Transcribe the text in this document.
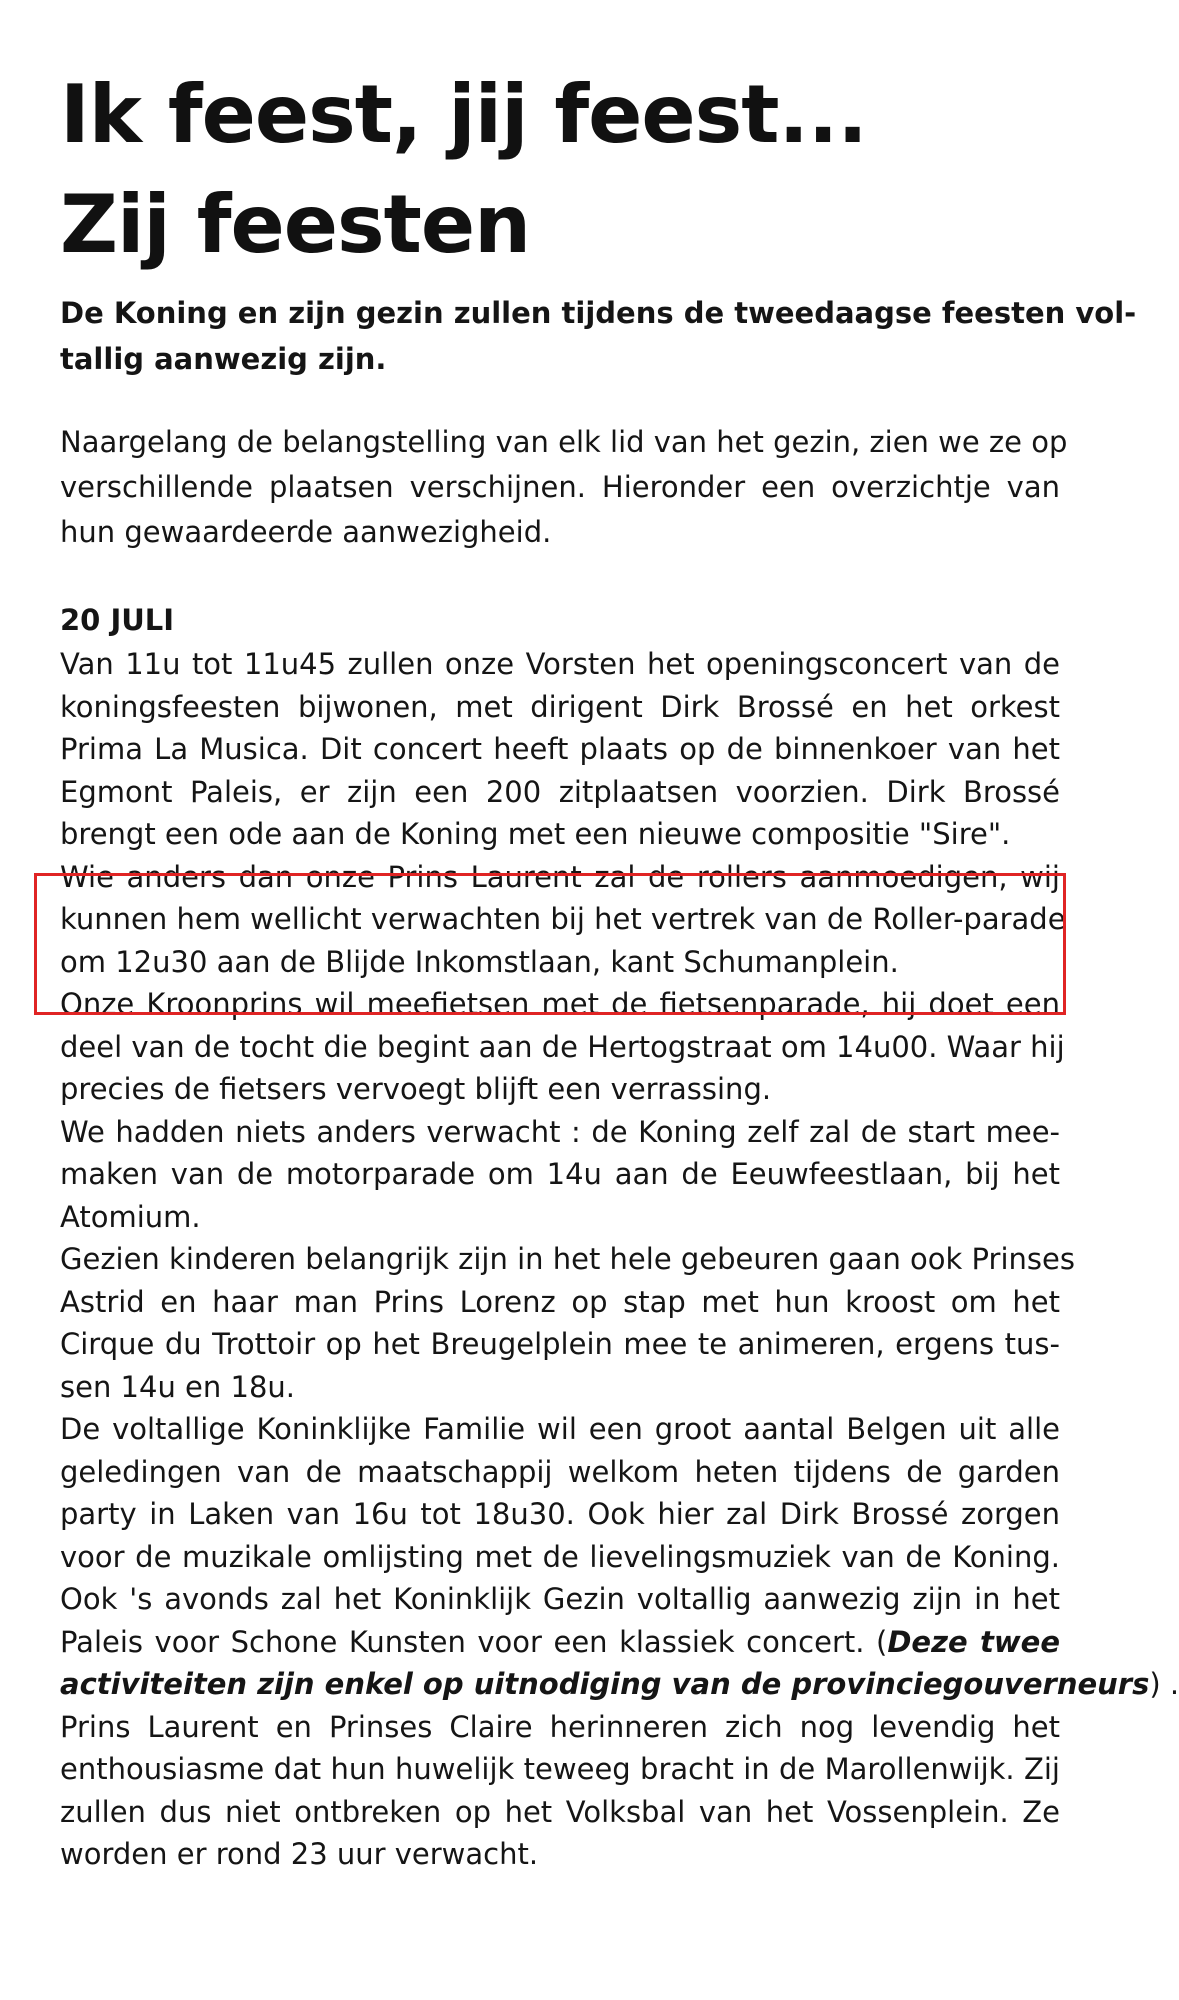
Ik feest, jij feest...
Zij feesten
De Koning en zijn gezin zullen tijdens de tweedaagse feesten vol-
tallig aanwezig zijn.
Naargelang de belangstelling van elk lid van het gezin, zien we ze op
verschillende plaatsen verschijnen. Hieronder een overzichtje van
hun gewaardeerde aanwezigheid.

20 JULI

Van 11u tot 11u45 zullen onze Vorsten het openingsconcert van de
koningsfeesten bijwonen, met dirigent Dirk Brossé en het orkest
Prima La Musica. Dit concert heeft plaats op de binnenkoer van het
Egmont Paleis, er zijn een 200 zitplaatsen voorzien. Dirk Brossé
brengt een ode aan de Koning met een nieuwe compositie "Sire".
Wie anders dan onze Prins Laurent zal de rollers aanmoedigen, wij
kunnen hem wellicht verwachten bij het vertrek van de Roller-parade
om 12u30 aan de Blijde Inkomstlaan, kant Schumanplein.
Onze Kroonprins wil meefietsen met de fietsenparade, hij doet een
deel van de tocht die begint aan de Hertogstraat om 14u00. Waar hij
precies de fietsers vervoegt blijft een verrassing.
We hadden niets anders verwacht : de Koning zelf zal de start mee-
maken van de motorparade om 14u aan de Eeuwfeestlaan, bij het
Atomium.
Gezien kinderen belangrijk zijn in het hele gebeuren gaan ook Prinses
Astrid en haar man Prins Lorenz op stap met hun kroost om het
Cirque du Trottoir op het Breugelplein mee te animeren, ergens tus-
sen 14u en 18u.
De voltallige Koninklijke Familie wil een groot aantal Belgen uit alle
geledingen van de maatschappij welkom heten tijdens de garden
party in Laken van 16u tot 18u30. Ook hier zal Dirk Brossé zorgen
voor de muzikale omlijsting met de lievelingsmuziek van de Koning.
Ook 's avonds zal het Koninklijk Gezin voltallig aanwezig zijn in het
Paleis voor Schone Kunsten voor een klassiek concert. (Deze twee
activiteiten zijn enkel op uitnodiging van de provinciegouverneurs) .
Prins Laurent en Prinses Claire herinneren zich nog levendig het
enthousiasme dat hun huwelijk teweeg bracht in de Marollenwijk. Zij
zullen dus niet ontbreken op het Volksbal van het Vossenplein. Ze
worden er rond 23 uur verwacht.
